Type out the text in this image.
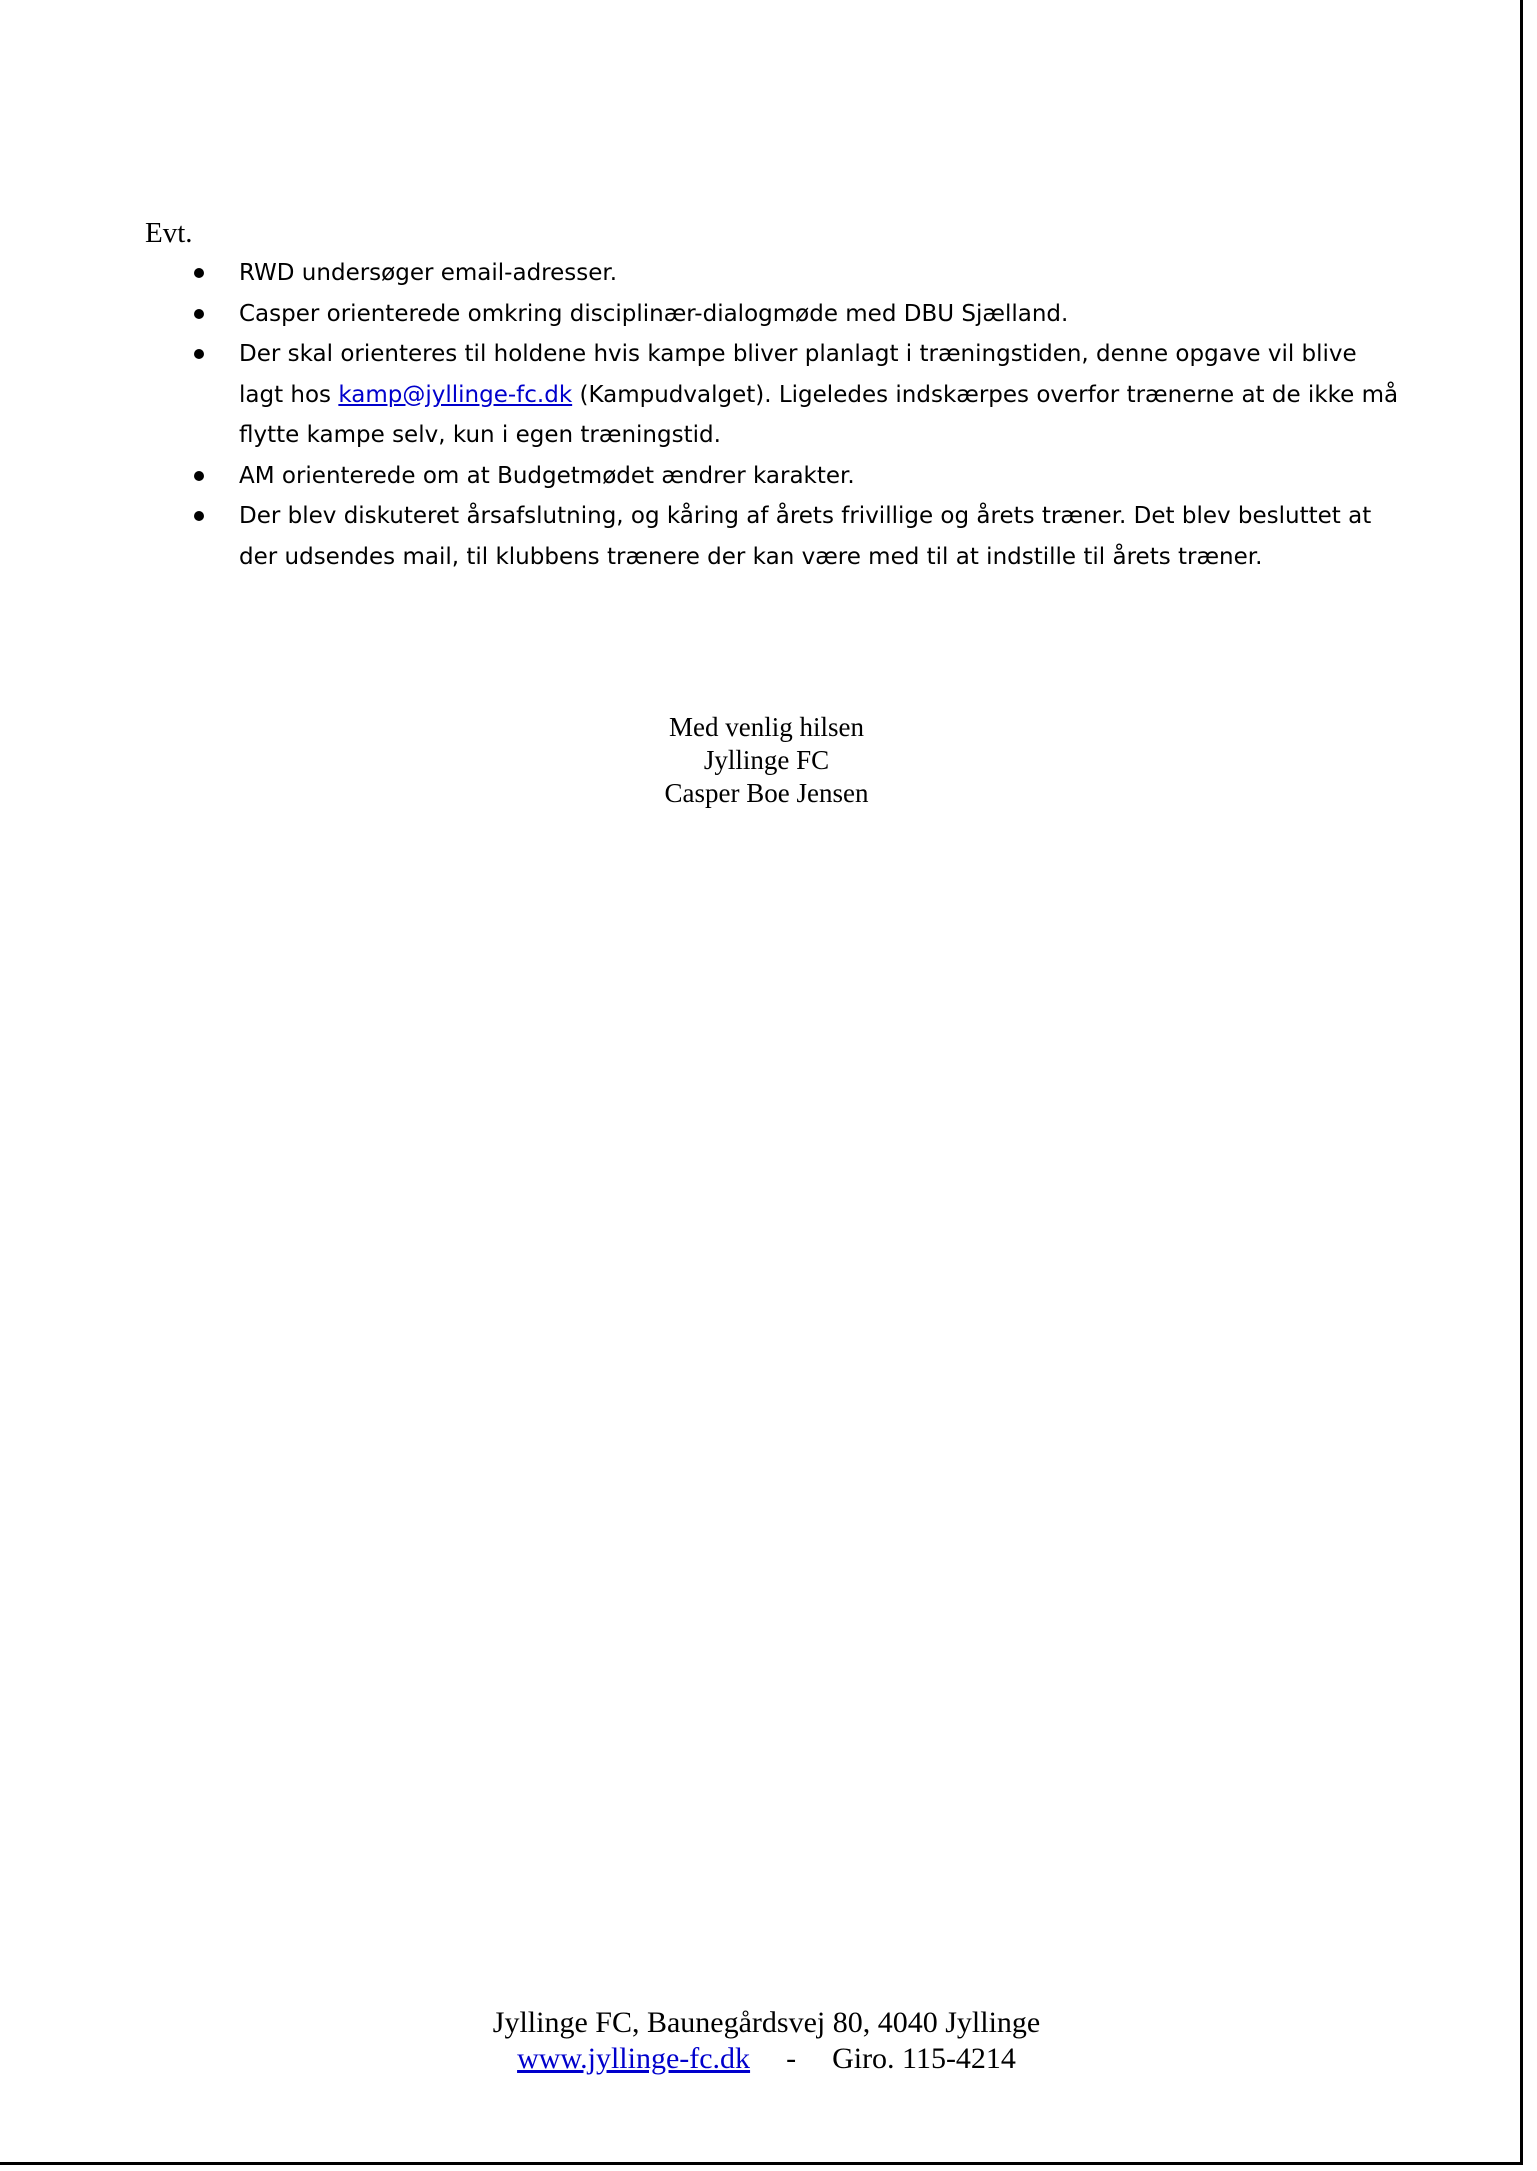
Evt.
RWD undersøger email-adresser.
Casper orienterede omkring disciplinær-dialogmøde med DBU Sjælland.
Der skal orienteres til holdene hvis kampe bliver planlagt i træningstiden, denne opgave vil blive lagt hos kamp@jyllinge-fc.dk (Kampudvalget). Ligeledes indskærpes overfor trænerne at de ikke må flytte kampe selv, kun i egen træningstid.
AM orienterede om at Budgetmødet ændrer karakter.
Der blev diskuteret årsafslutning, og kåring af årets frivillige og årets træner. Det blev besluttet at der udsendes mail, til klubbens trænere der kan være med til at indstille til årets træner.
Med venlig hilsen
Jyllinge FC
Casper Boe Jensen
Jyllinge FC, Baunegårdsvej 80, 4040 Jyllinge
www.jyllinge-fc.dk - Giro. 115-4214
